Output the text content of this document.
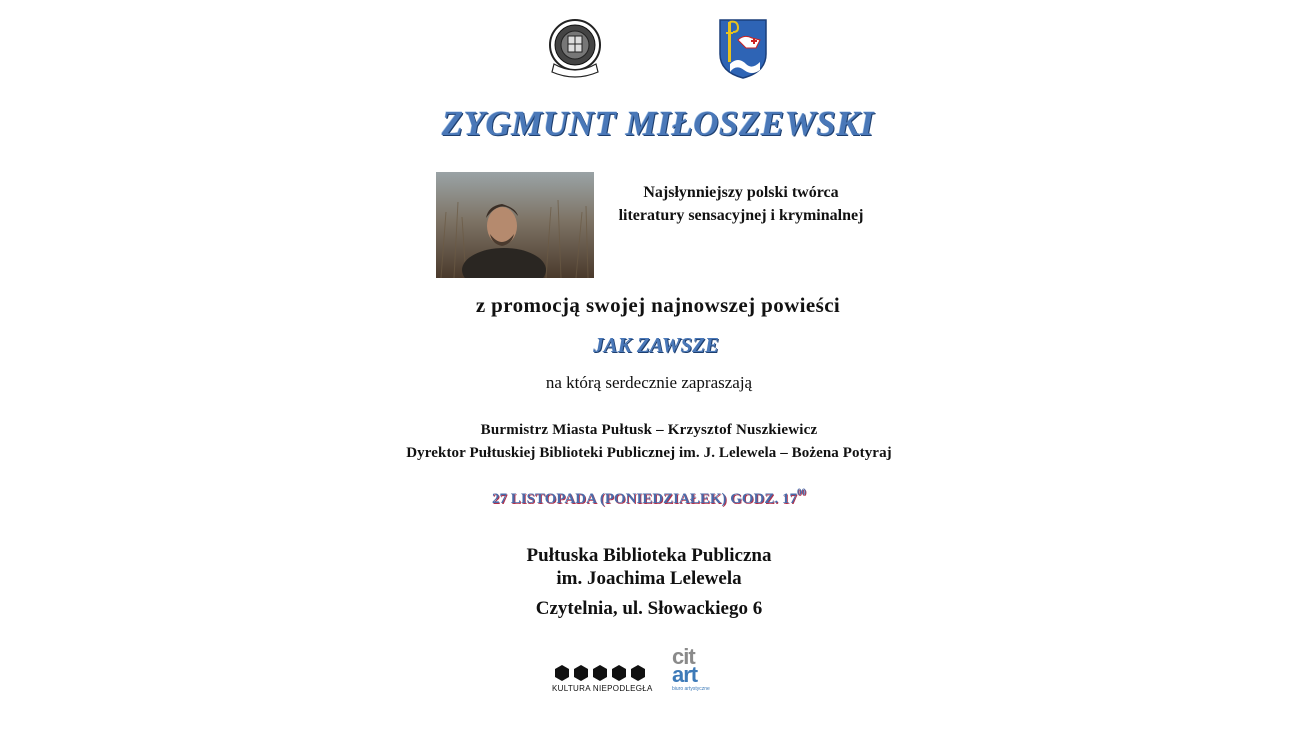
ZYGMUNT MIŁOSZEWSKI
Najsłynniejszy polski twórca
literatury sensacyjnej i kryminalnej
z promocją swojej najnowszej powieści
JAK ZAWSZE
na którą serdecznie zapraszają
Burmistrz Miasta Pułtusk – Krzysztof Nuszkiewicz
Dyrektor Pułtuskiej Biblioteki Publicznej im. J. Lelewela – Bożena Potyraj
27 LISTOPADA (PONIEDZIAŁEK) GODZ. $17^{00}$
Pułtuska Biblioteka Publiczna
im. Joachima Lelewela
Czytelnia, ul. Słowackiego 6
KULTURA NIEPODLEGŁA
cit
art
biuro artystyczne
